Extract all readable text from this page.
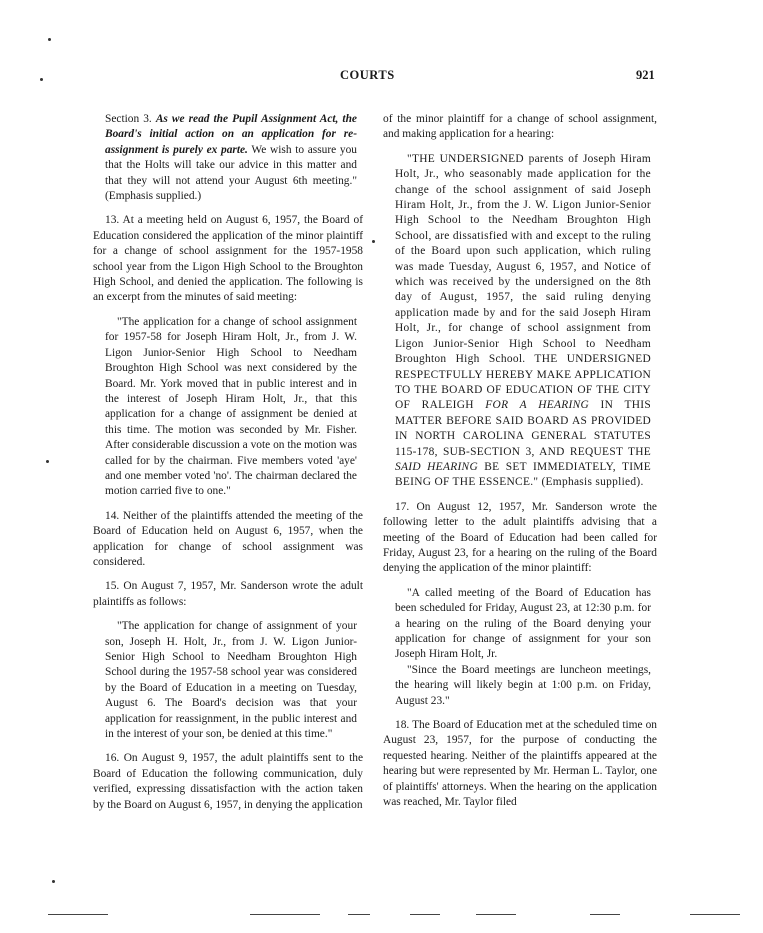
COURTS	921

Section 3. As we read the Pupil Assignment Act, the Board's initial action on an application for re-assignment is purely ex parte. We wish to assure you that the Holts will take our advice in this matter and that they will not attend your August 6th meeting." (Emphasis supplied.)

13. At a meeting held on August 6, 1957, the Board of Education considered the application of the minor plaintiff for a change of school assignment for the 1957-1958 school year from the Ligon High School to the Broughton High School, and denied the application. The following is an excerpt from the minutes of said meeting:

"The application for a change of school assignment for 1957-58 for Joseph Hiram Holt, Jr., from J. W. Ligon Junior-Senior High School to Needham Broughton High School was next considered by the Board. Mr. York moved that in public interest and in the interest of Joseph Hiram Holt, Jr., that this application for a change of assignment be denied at this time. The motion was seconded by Mr. Fisher. After considerable discussion a vote on the motion was called for by the chairman. Five members voted 'aye' and one member voted 'no'. The chairman declared the motion carried five to one."

14. Neither of the plaintiffs attended the meeting of the Board of Education held on August 6, 1957, when the application for change of school assignment was considered.

15. On August 7, 1957, Mr. Sanderson wrote the adult plaintiffs as follows:

"The application for change of assignment of your son, Joseph H. Holt, Jr., from J. W. Ligon Junior-Senior High School to Needham Broughton High School during the 1957-58 school year was considered by the Board of Education in a meeting on Tuesday, August 6. The Board's decision was that your application for reassignment, in the public interest and in the interest of your son, be denied at this time."

16. On August 9, 1957, the adult plaintiffs sent to the Board of Education the following communication, duly verified, expressing dissatisfaction with the action taken by the Board on August 6, 1957, in denying the application

of the minor plaintiff for a change of school assignment, and making application for a hearing:

"THE UNDERSIGNED parents of Joseph Hiram Holt, Jr., who seasonably made application for the change of the school assignment of said Joseph Hiram Holt, Jr., from the J. W. Ligon Junior-Senior High School to the Needham Broughton High School, are dissatisfied with and except to the ruling of the Board upon such application, which ruling was made Tuesday, August 6, 1957, and Notice of which was received by the undersigned on the 8th day of August, 1957, the said ruling denying application made by and for the said Joseph Hiram Holt, Jr., for change of school assignment from Ligon Junior-Senior High School to Needham Broughton High School. THE UNDERSIGNED RESPECTFULLY HEREBY MAKE APPLICATION TO THE BOARD OF EDUCATION OF THE CITY OF RALEIGH FOR A HEARING IN THIS MATTER BEFORE SAID BOARD AS PROVIDED IN NORTH CAROLINA GENERAL STATUTES 115-178, SUB-SECTION 3, AND REQUEST THE SAID HEARING BE SET IMMEDIATELY, TIME BEING OF THE ESSENCE." (Emphasis supplied).

17. On August 12, 1957, Mr. Sanderson wrote the following letter to the adult plaintiffs advising that a meeting of the Board of Education had been called for Friday, August 23, for a hearing on the ruling of the Board denying the application of the minor plaintiff:

"A called meeting of the Board of Education has been scheduled for Friday, August 23, at 12:30 p.m. for a hearing on the ruling of the Board denying your application for change of assignment for your son Joseph Hiram Holt, Jr.

"Since the Board meetings are luncheon meetings, the hearing will likely begin at 1:00 p.m. on Friday, August 23."

18. The Board of Education met at the scheduled time on August 23, 1957, for the purpose of conducting the requested hearing. Neither of the plaintiffs appeared at the hearing but were represented by Mr. Herman L. Taylor, one of plaintiffs' attorneys. When the hearing on the application was reached, Mr. Taylor filed
